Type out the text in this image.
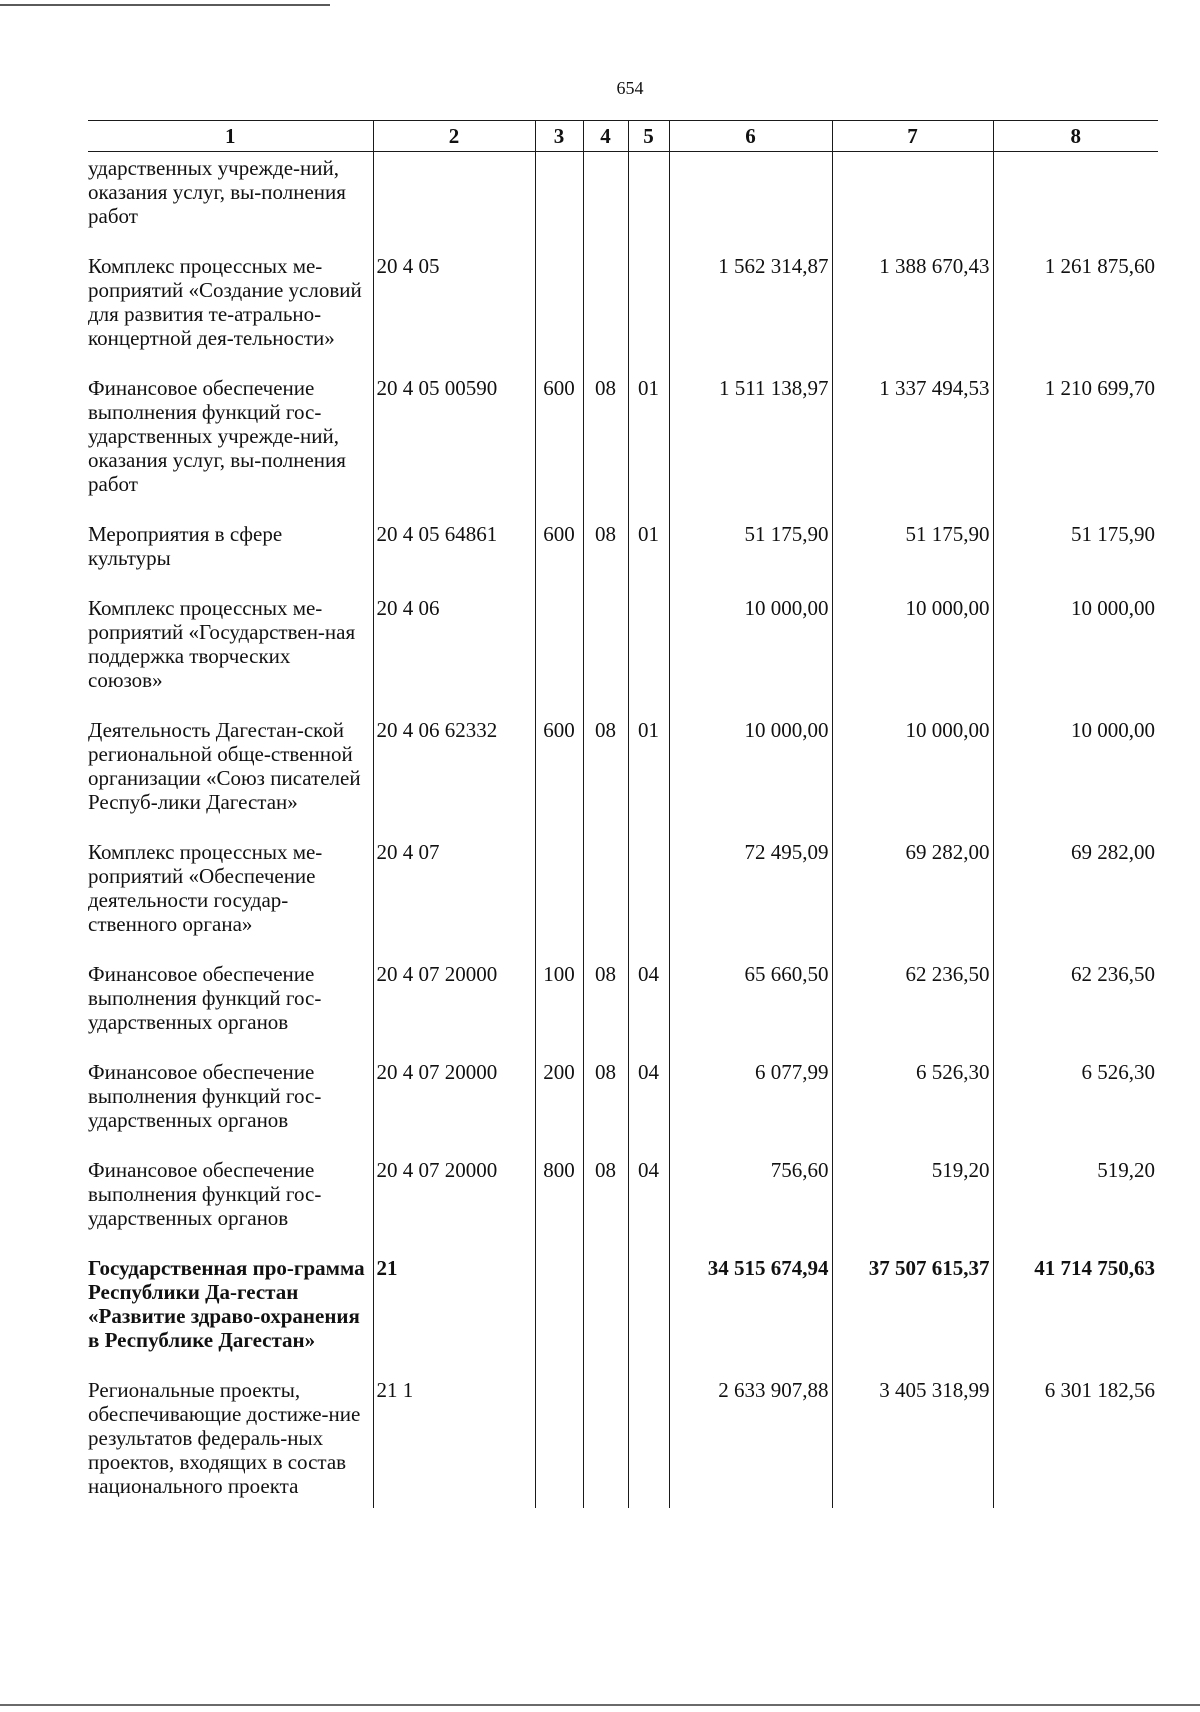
654
1	2	3	4	5	6	7	8
ударственных учрежде-ний, оказания услуг, вы-полнения работ							
Комплекс процессных ме-роприятий «Создание условий для развития те-атрально-концертной дея-тельности»	20 4 05				1 562 314,87	1 388 670,43	1 261 875,60
Финансовое обеспечение выполнения функций гос-ударственных учрежде-ний, оказания услуг, вы-полнения работ	20 4 05 00590	600	08	01	1 511 138,97	1 337 494,53	1 210 699,70
Мероприятия в сфере культуры	20 4 05 64861	600	08	01	51 175,90	51 175,90	51 175,90
Комплекс процессных ме-роприятий «Государствен-ная поддержка творческих союзов»	20 4 06				10 000,00	10 000,00	10 000,00
Деятельность Дагестан-ской региональной обще-ственной организации «Союз писателей Респуб-лики Дагестан»	20 4 06 62332	600	08	01	10 000,00	10 000,00	10 000,00
Комплекс процессных ме-роприятий «Обеспечение деятельности государ-ственного органа»	20 4 07				72 495,09	69 282,00	69 282,00
Финансовое обеспечение выполнения функций гос-ударственных органов	20 4 07 20000	100	08	04	65 660,50	62 236,50	62 236,50
Финансовое обеспечение выполнения функций гос-ударственных органов	20 4 07 20000	200	08	04	6 077,99	6 526,30	6 526,30
Финансовое обеспечение выполнения функций гос-ударственных органов	20 4 07 20000	800	08	04	756,60	519,20	519,20
Государственная про-грамма Республики Да-гестан «Развитие здраво-охранения в Республике Дагестан»	21				34 515 674,94	37 507 615,37	41 714 750,63
Региональные проекты, обеспечивающие достиже-ние результатов федераль-ных проектов, входящих в состав национального проекта	21 1				2 633 907,88	3 405 318,99	6 301 182,56
